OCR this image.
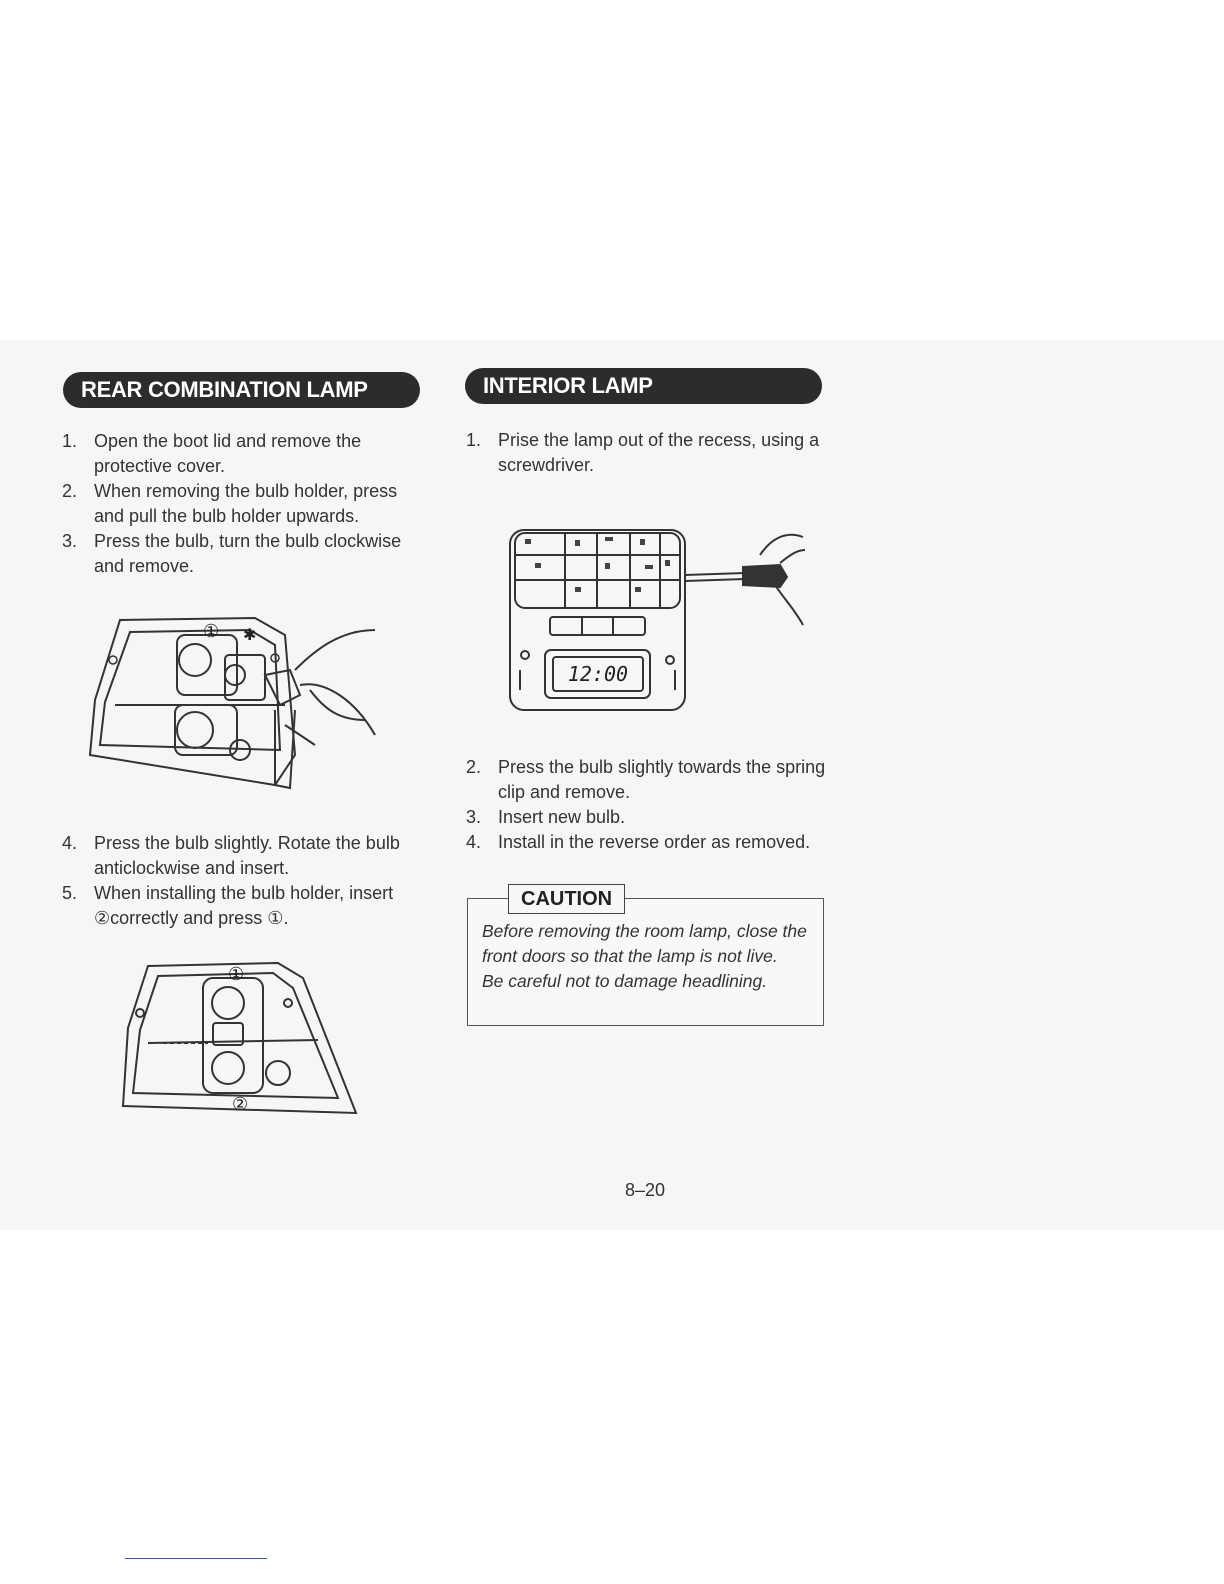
REAR COMBINATION LAMP
1. Open the boot lid and remove the protective cover.
2. When removing the bulb holder, press and pull the bulb holder upwards.
3. Press the bulb, turn the bulb clockwise and remove.
① ✱
4. Press the bulb slightly. Rotate the bulb anticlockwise and insert.
5. When installing the bulb holder, insert ②correctly and press ①.
①
②
INTERIOR LAMP
1. Prise the lamp out of the recess, using a screwdriver.
12:00
2. Press the bulb slightly towards the spring clip and remove.
3. Insert new bulb.
4. Install in the reverse order as removed.
CAUTION
Before removing the room lamp, close the front doors so that the lamp is not live.
Be careful not to damage headlining.
8–20
